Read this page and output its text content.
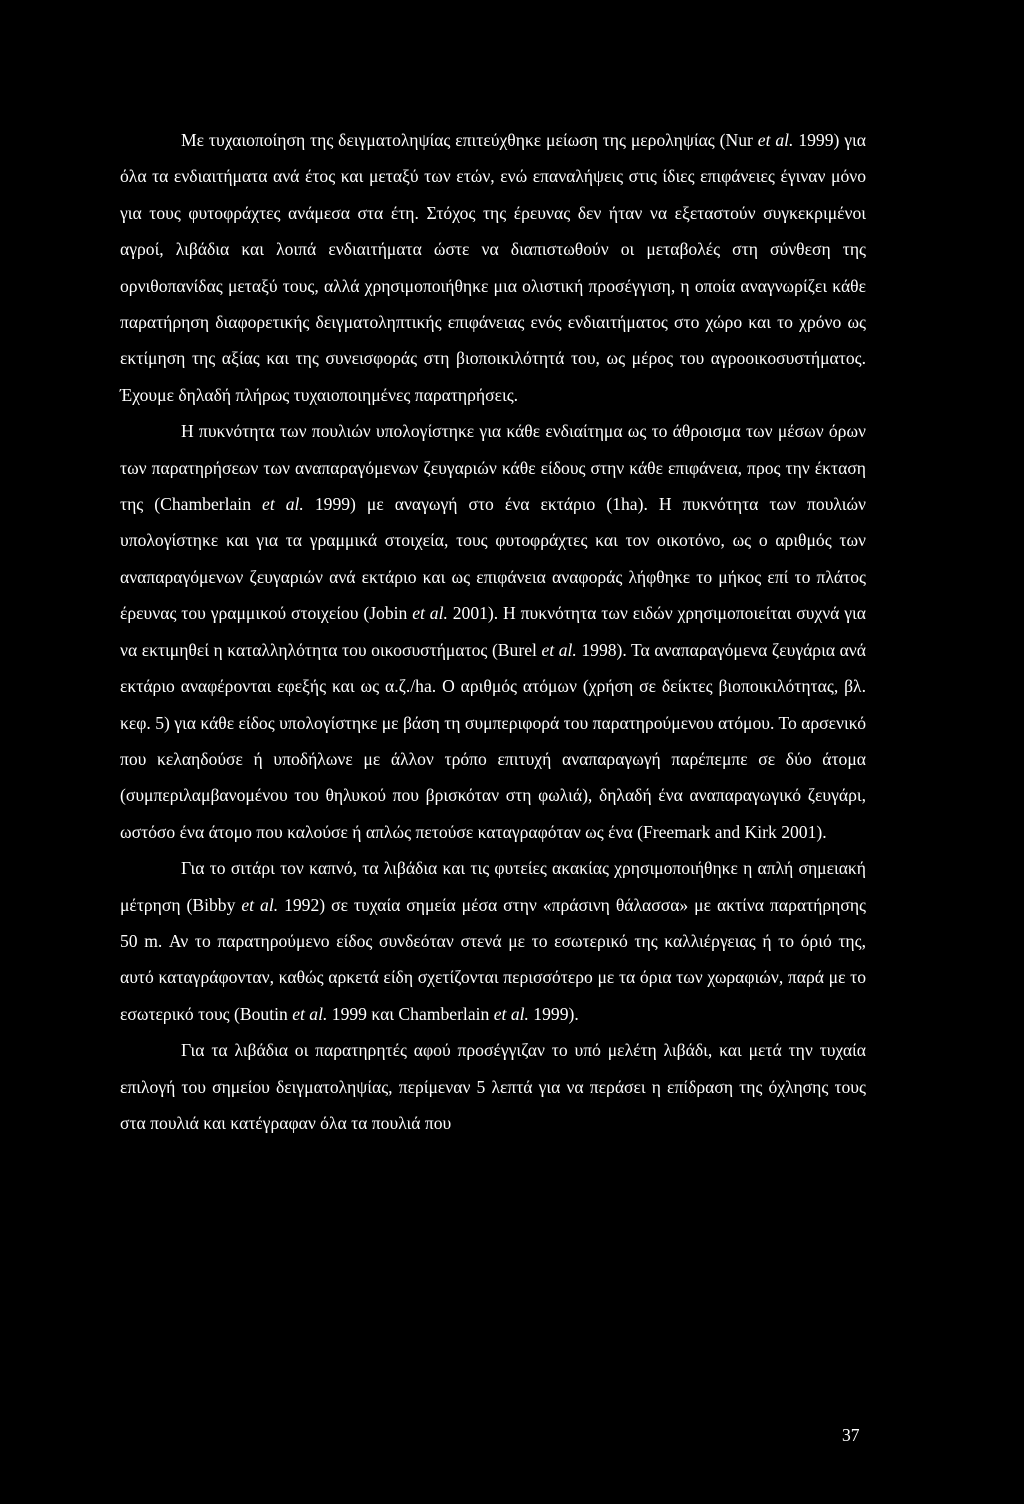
Με τυχαιοποίηση της δειγματοληψίας επιτεύχθηκε μείωση της μεροληψίας (Nur et al. 1999) για όλα τα ενδιαιτήματα ανά έτος και μεταξύ των ετών, ενώ επαναλήψεις στις ίδιες επιφάνειες έγιναν μόνο για τους φυτοφράχτες ανάμεσα στα έτη. Στόχος της έρευνας δεν ήταν να εξεταστούν συγκεκριμένοι αγροί, λιβάδια και λοιπά ενδιαιτήματα ώστε να διαπιστωθούν οι μεταβολές στη σύνθεση της ορνιθοπανίδας μεταξύ τους, αλλά χρησιμοποιήθηκε μια ολιστική προσέγγιση, η οποία αναγνωρίζει κάθε παρατήρηση διαφορετικής δειγματοληπτικής επιφάνειας ενός ενδιαιτήματος στο χώρο και το χρόνο ως εκτίμηση της αξίας και της συνεισφοράς στη βιοποικιλότητά του, ως μέρος του αγροοικοσυστήματος. Έχουμε δηλαδή πλήρως τυχαιοποιημένες παρατηρήσεις.

Η πυκνότητα των πουλιών υπολογίστηκε για κάθε ενδιαίτημα ως το άθροισμα των μέσων όρων των παρατηρήσεων των αναπαραγόμενων ζευγαριών κάθε είδους στην κάθε επιφάνεια, προς την έκταση της (Chamberlain et al. 1999) με αναγωγή στο ένα εκτάριο (1ha). Η πυκνότητα των πουλιών υπολογίστηκε και για τα γραμμικά στοιχεία, τους φυτοφράχτες και τον οικοτόνο, ως ο αριθμός των αναπαραγόμενων ζευγαριών ανά εκτάριο και ως επιφάνεια αναφοράς λήφθηκε το μήκος επί το πλάτος έρευνας του γραμμικού στοιχείου (Jobin et al. 2001). Η πυκνότητα των ειδών χρησιμοποιείται συχνά για να εκτιμηθεί η καταλληλότητα του οικοσυστήματος (Burel et al. 1998). Τα αναπαραγόμενα ζευγάρια ανά εκτάριο αναφέρονται εφεξής και ως α.ζ./ha. Ο αριθμός ατόμων (χρήση σε δείκτες βιοποικιλότητας, βλ. κεφ. 5) για κάθε είδος υπολογίστηκε με βάση τη συμπεριφορά του παρατηρούμενου ατόμου. Το αρσενικό που κελαηδούσε ή υποδήλωνε με άλλον τρόπο επιτυχή αναπαραγωγή παρέπεμπε σε δύο άτομα (συμπεριλαμβανομένου του θηλυκού που βρισκόταν στη φωλιά), δηλαδή ένα αναπαραγωγικό ζευγάρι, ωστόσο ένα άτομο που καλούσε ή απλώς πετούσε καταγραφόταν ως ένα (Freemark and Kirk 2001).

Για το σιτάρι τον καπνό, τα λιβάδια και τις φυτείες ακακίας χρησιμοποιήθηκε η απλή σημειακή μέτρηση (Bibby et al. 1992) σε τυχαία σημεία μέσα στην «πράσινη θάλασσα» με ακτίνα παρατήρησης 50 m. Αν το παρατηρούμενο είδος συνδεόταν στενά με το εσωτερικό της καλλιέργειας ή το όριό της, αυτό καταγράφονταν, καθώς αρκετά είδη σχετίζονται περισσότερο με τα όρια των χωραφιών, παρά με το εσωτερικό τους (Boutin et al. 1999 και Chamberlain et al. 1999).

Για τα λιβάδια οι παρατηρητές αφού προσέγγιζαν το υπό μελέτη λιβάδι, και μετά την τυχαία επιλογή του σημείου δειγματοληψίας, περίμεναν 5 λεπτά για να περάσει η επίδραση της όχλησης τους στα πουλιά και κατέγραφαν όλα τα πουλιά που

37
